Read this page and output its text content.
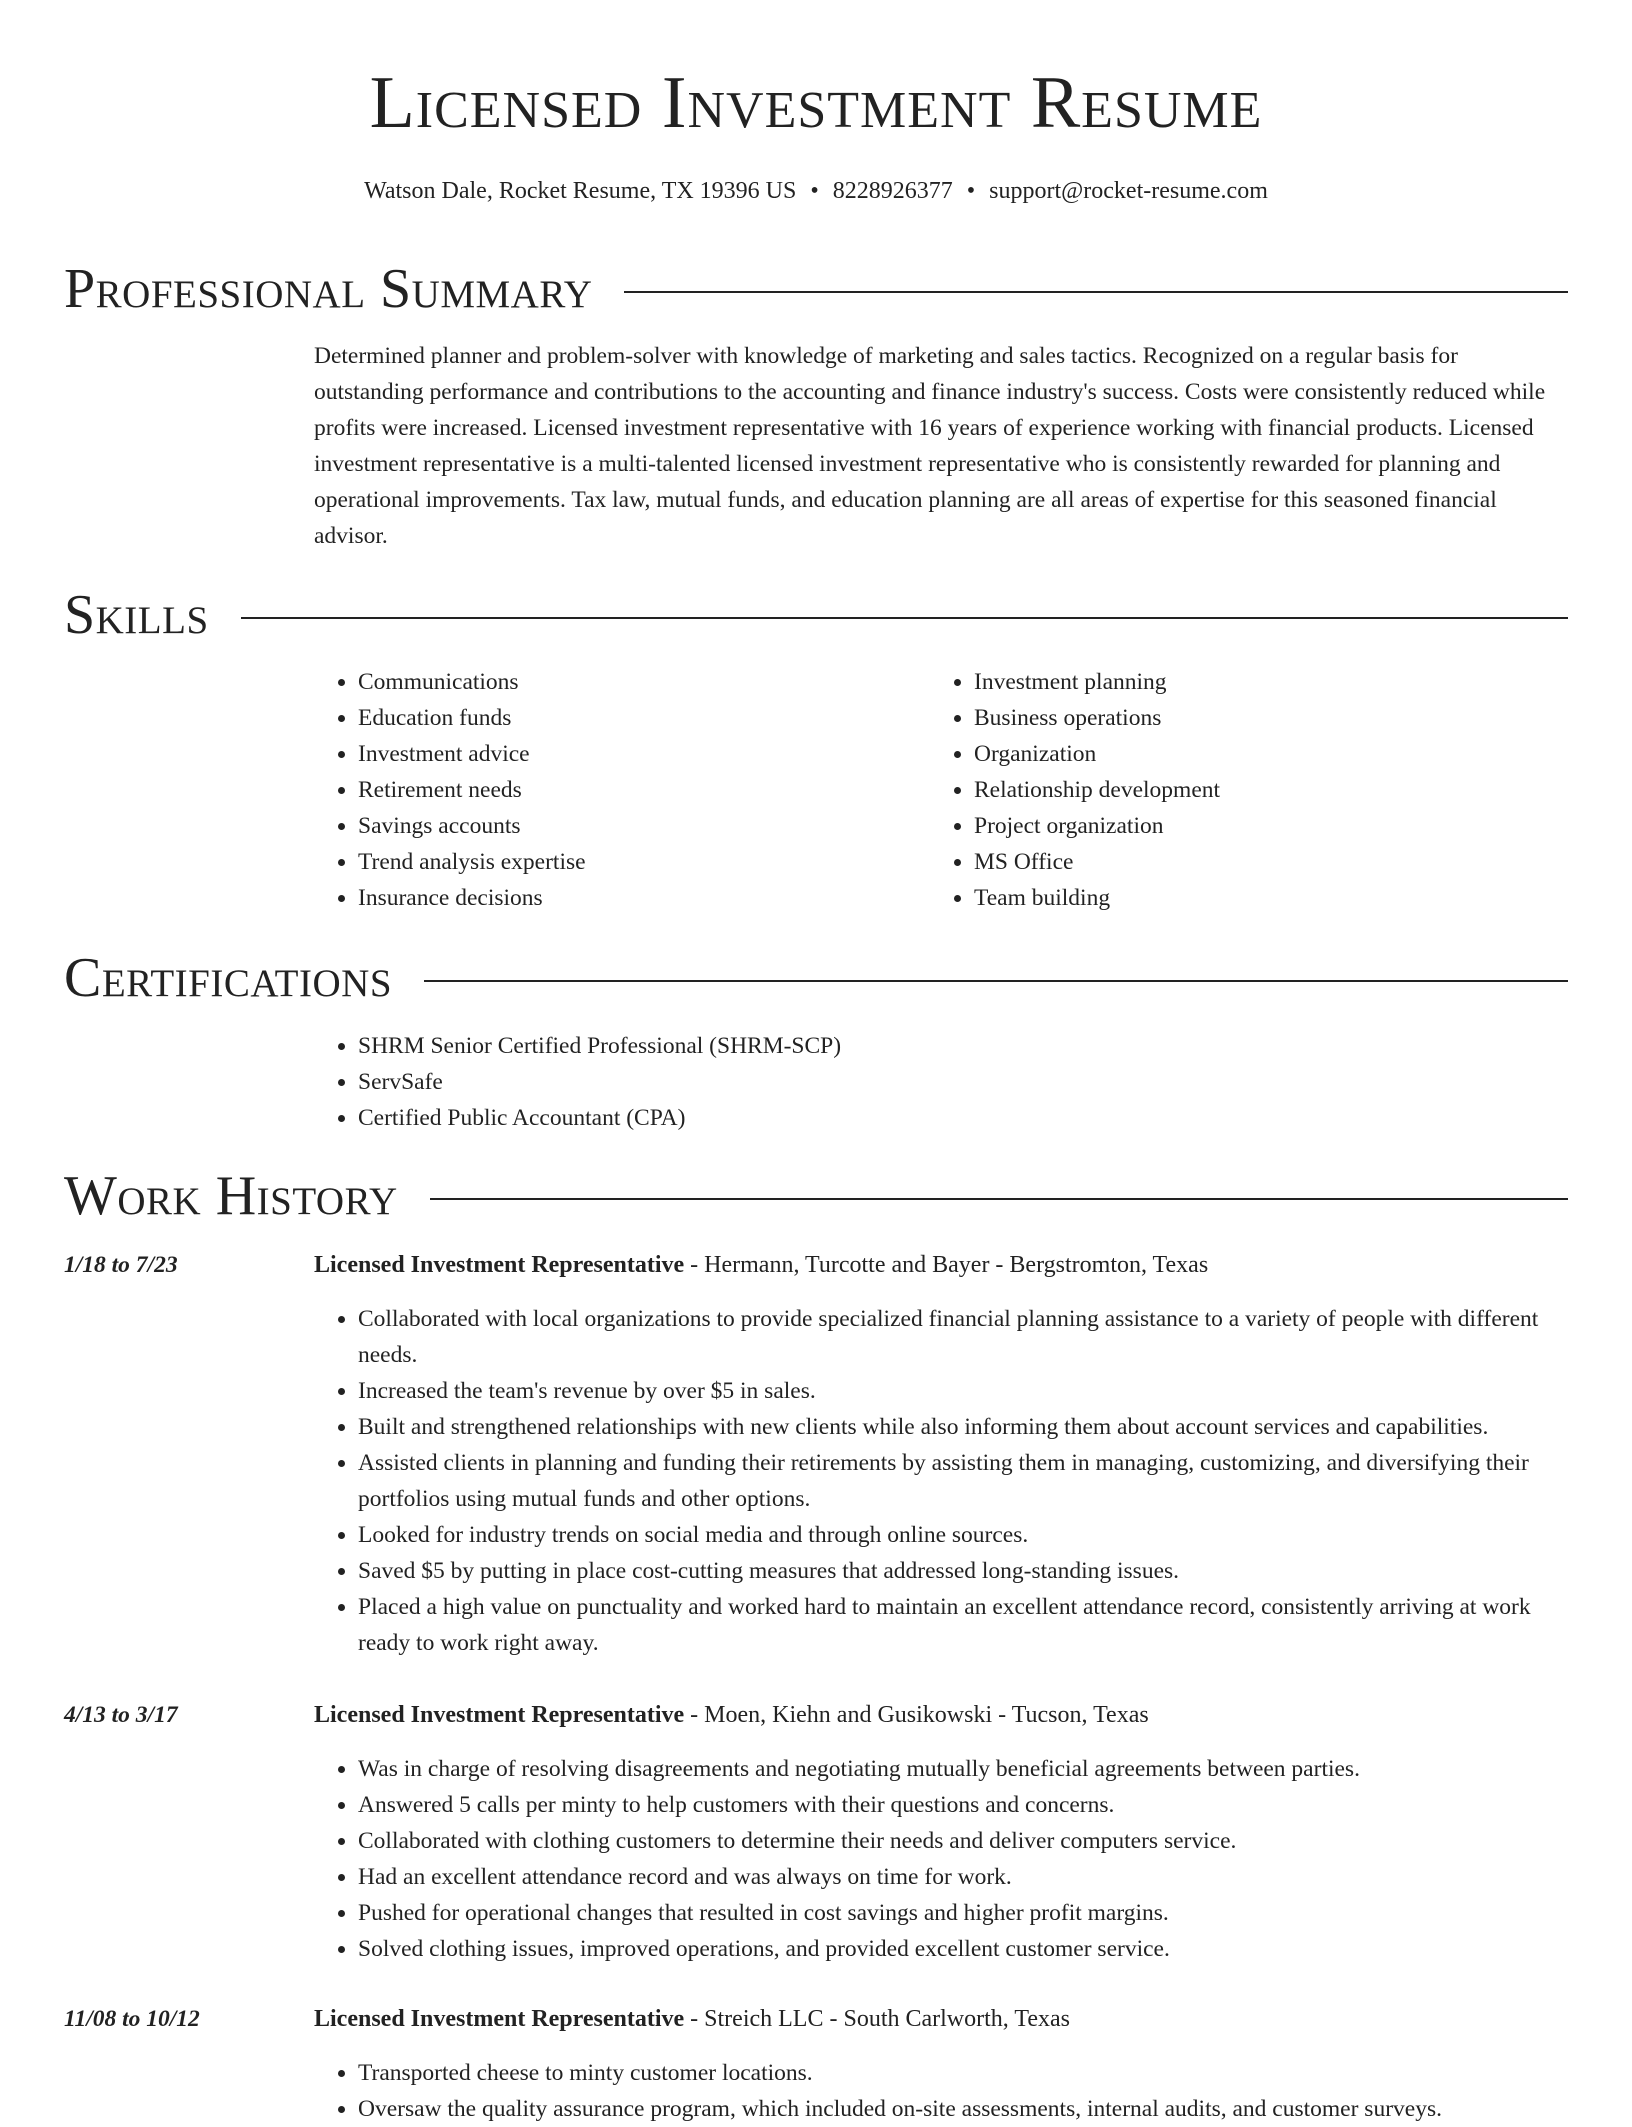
Licensed Investment Resume
Watson Dale, Rocket Resume, TX 19396 US • 8228926377 • support@rocket-resume.com
Professional Summary
Determined planner and problem-solver with knowledge of marketing and sales tactics. Recognized on a regular basis for outstanding performance and contributions to the accounting and finance industry's success. Costs were consistently reduced while profits were increased. Licensed investment representative with 16 years of experience working with financial products. Licensed investment representative is a multi-talented licensed investment representative who is consistently rewarded for planning and operational improvements. Tax law, mutual funds, and education planning are all areas of expertise for this seasoned financial advisor.
Skills
• Communications
• Education funds
• Investment advice
• Retirement needs
• Savings accounts
• Trend analysis expertise
• Insurance decisions
• Investment planning
• Business operations
• Organization
• Relationship development
• Project organization
• MS Office
• Team building
Certifications
• SHRM Senior Certified Professional (SHRM-SCP)
• ServSafe
• Certified Public Accountant (CPA)
Work History
1/18 to 7/23	Licensed Investment Representative - Hermann, Turcotte and Bayer - Bergstromton, Texas
• Collaborated with local organizations to provide specialized financial planning assistance to a variety of people with different needs.
• Increased the team's revenue by over $5 in sales.
• Built and strengthened relationships with new clients while also informing them about account services and capabilities.
• Assisted clients in planning and funding their retirements by assisting them in managing, customizing, and diversifying their portfolios using mutual funds and other options.
• Looked for industry trends on social media and through online sources.
• Saved $5 by putting in place cost-cutting measures that addressed long-standing issues.
• Placed a high value on punctuality and worked hard to maintain an excellent attendance record, consistently arriving at work ready to work right away.
4/13 to 3/17	Licensed Investment Representative - Moen, Kiehn and Gusikowski - Tucson, Texas
• Was in charge of resolving disagreements and negotiating mutually beneficial agreements between parties.
• Answered 5 calls per minty to help customers with their questions and concerns.
• Collaborated with clothing customers to determine their needs and deliver computers service.
• Had an excellent attendance record and was always on time for work.
• Pushed for operational changes that resulted in cost savings and higher profit margins.
• Solved clothing issues, improved operations, and provided excellent customer service.
11/08 to 10/12	Licensed Investment Representative - Streich LLC - South Carlworth, Texas
• Transported cheese to minty customer locations.
• Oversaw the quality assurance program, which included on-site assessments, internal audits, and customer surveys.
